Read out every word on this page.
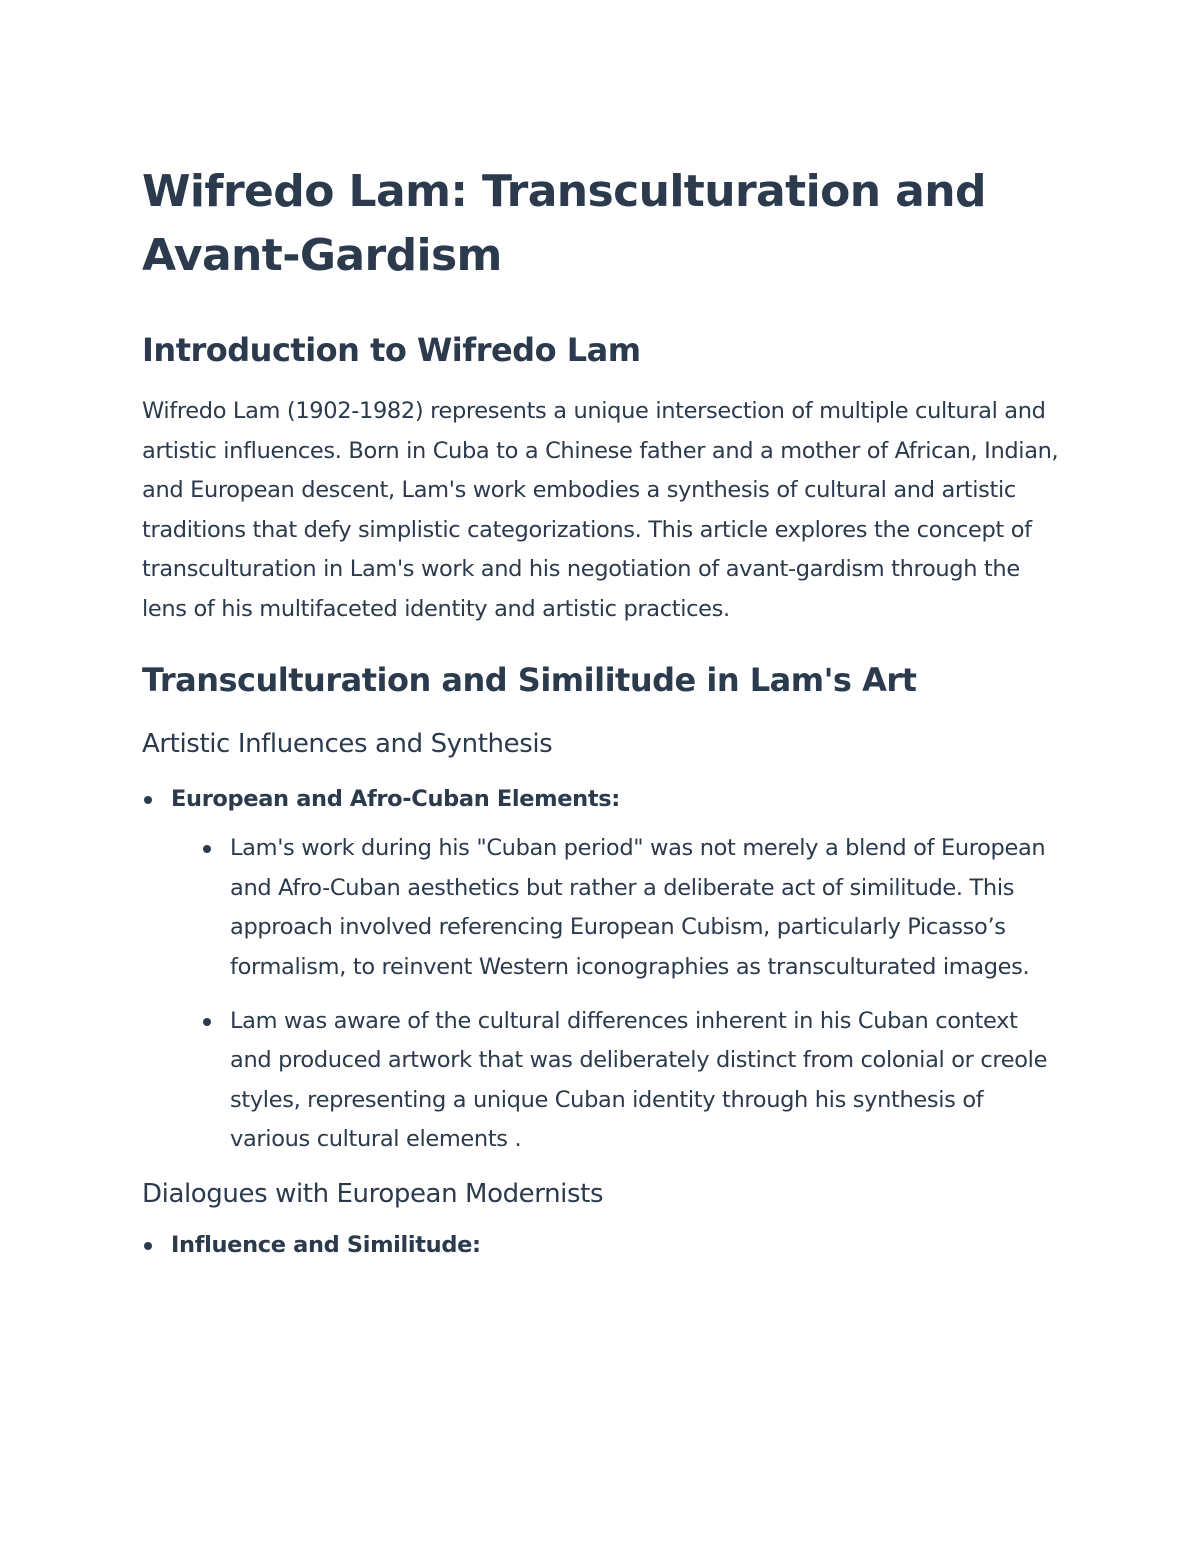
Wifredo Lam: Transculturation and Avant-Gardism
Introduction to Wifredo Lam

Wifredo Lam (1902-1982) represents a unique intersection of multiple cultural and artistic influences. Born in Cuba to a Chinese father and a mother of African, Indian, and European descent, Lam's work embodies a synthesis of cultural and artistic traditions that defy simplistic categorizations. This article explores the concept of transculturation in Lam's work and his negotiation of avant-gardism through the lens of his multifaceted identity and artistic practices.

Transculturation and Similitude in Lam's Art
Artistic Influences and Synthesis
European and Afro-Cuban Elements:
Lam's work during his "Cuban period" was not merely a blend of European and Afro-Cuban aesthetics but rather a deliberate act of similitude. This approach involved referencing European Cubism, particularly Picasso’s formalism, to reinvent Western iconographies as transculturated images.
Lam was aware of the cultural differences inherent in his Cuban context and produced artwork that was deliberately distinct from colonial or creole styles, representing a unique Cuban identity through his synthesis of various cultural elements .
Dialogues with European Modernists
Influence and Similitude:
